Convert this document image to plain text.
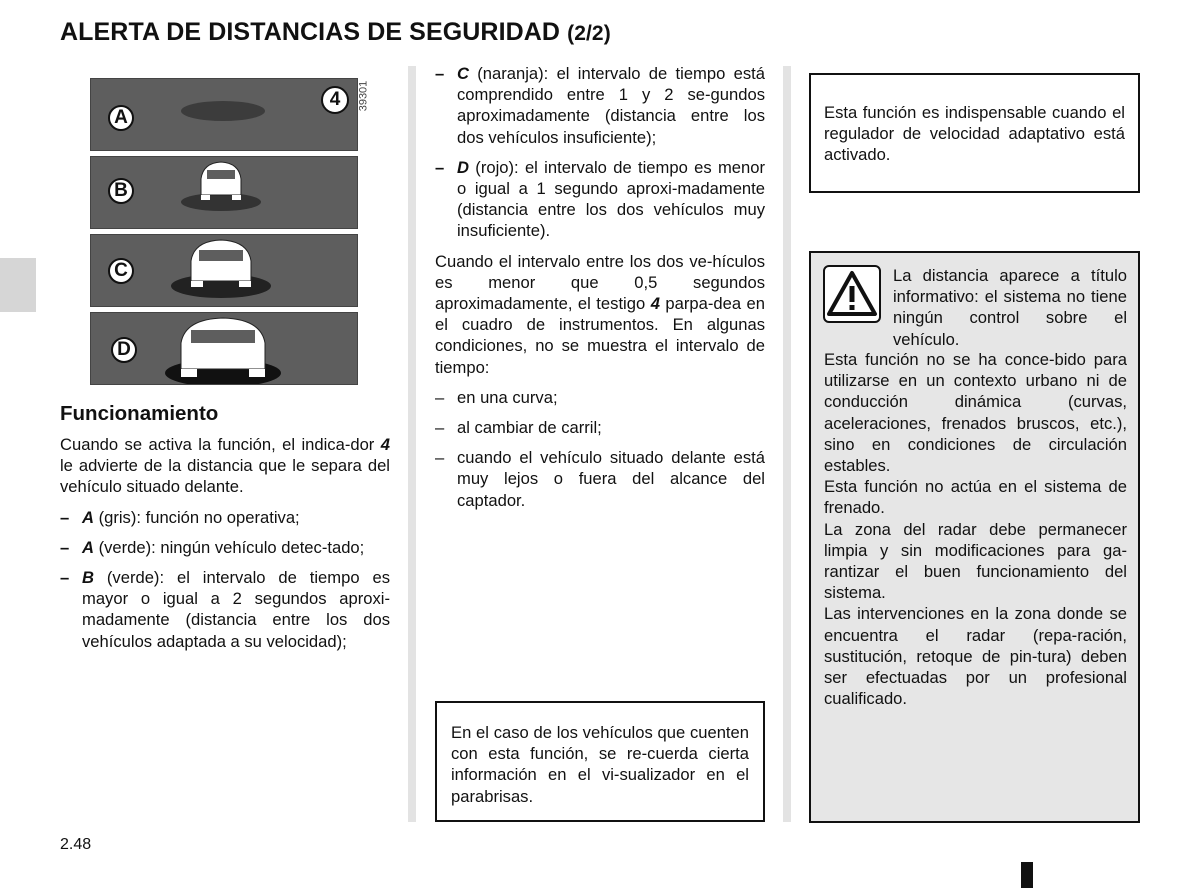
ALERTA DE DISTANCIAS DE SEGURIDAD (2/2)
A
4
B
C
D
39301
Funcionamiento

Cuando se activa la función, el indica-dor 4 le advierte de la distancia que le separa del vehículo situado delante.

– A (gris): función no operativa;

– A (verde): ningún vehículo detec-tado;

– B (verde): el intervalo de tiempo es mayor o igual a 2 segundos aproxi-madamente (distancia entre los dos vehículos adaptada a su velocidad);

– C (naranja): el intervalo de tiempo está comprendido entre 1 y 2 se-gundos aproximadamente (distancia entre los dos vehículos insuficiente);

– D (rojo): el intervalo de tiempo es menor o igual a 1 segundo aproxi-madamente (distancia entre los dos vehículos muy insuficiente).

Cuando el intervalo entre los dos ve-hículos es menor que 0,5 segundos aproximadamente, el testigo 4 parpa-dea en el cuadro de instrumentos. En algunas condiciones, no se muestra el intervalo de tiempo:

– en una curva;

– al cambiar de carril;

– cuando el vehículo situado delante está muy lejos o fuera del alcance del captador.

En el caso de los vehículos que cuenten con esta función, se re-cuerda cierta información en el vi-sualizador en el parabrisas.

Esta función es indispensable cuando el regulador de velocidad adaptativo está activado.

La distancia aparece a título informativo: el sistema no tiene ningún control sobre el vehículo.

Esta función no se ha conce-bido para utilizarse en un contexto urbano ni de conducción dinámica (curvas, aceleraciones, frenados bruscos, etc.), sino en condiciones de circulación estables.

Esta función no actúa en el sistema de frenado.

La zona del radar debe permanecer limpia y sin modificaciones para ga-rantizar el buen funcionamiento del sistema.

Las intervenciones en la zona donde se encuentra el radar (repa-ración, sustitución, retoque de pin-tura) deben ser efectuadas por un profesional cualificado.

2.48
